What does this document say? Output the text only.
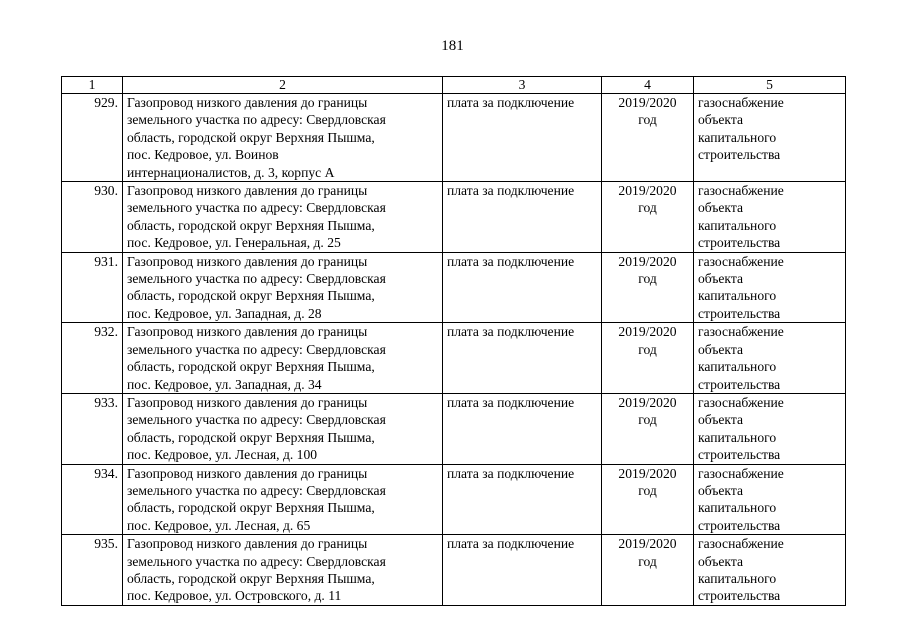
181
1	2	3	4	5
929.	Газопровод низкого давления до границы
земельного участка по адресу: Свердловская
область, городской округ Верхняя Пышма,
пос. Кедровое, ул. Воинов
интернационалистов, д. 3, корпус А	плата за подключение	2019/2020
год	газоснабжение
объекта
капитального
строительства

930.	Газопровод низкого давления до границы
земельного участка по адресу: Свердловская
область, городской округ Верхняя Пышма,
пос. Кедровое, ул. Генеральная, д. 25	плата за подключение	2019/2020
год	газоснабжение
объекта
капитального
строительства

931.	Газопровод низкого давления до границы
земельного участка по адресу: Свердловская
область, городской округ Верхняя Пышма,
пос. Кедровое, ул. Западная, д. 28	плата за подключение	2019/2020
год	газоснабжение
объекта
капитального
строительства

932.	Газопровод низкого давления до границы
земельного участка по адресу: Свердловская
область, городской округ Верхняя Пышма,
пос. Кедровое, ул. Западная, д. 34	плата за подключение	2019/2020
год	газоснабжение
объекта
капитального
строительства

933.	Газопровод низкого давления до границы
земельного участка по адресу: Свердловская
область, городской округ Верхняя Пышма,
пос. Кедровое, ул. Лесная, д. 100	плата за подключение	2019/2020
год	газоснабжение
объекта
капитального
строительства

934.	Газопровод низкого давления до границы
земельного участка по адресу: Свердловская
область, городской округ Верхняя Пышма,
пос. Кедровое, ул. Лесная, д. 65	плата за подключение	2019/2020
год	газоснабжение
объекта
капитального
строительства

935.	Газопровод низкого давления до границы
земельного участка по адресу: Свердловская
область, городской округ Верхняя Пышма,
пос. Кедровое, ул. Островского, д. 11	плата за подключение	2019/2020
год	газоснабжение
объекта
капитального
строительства
